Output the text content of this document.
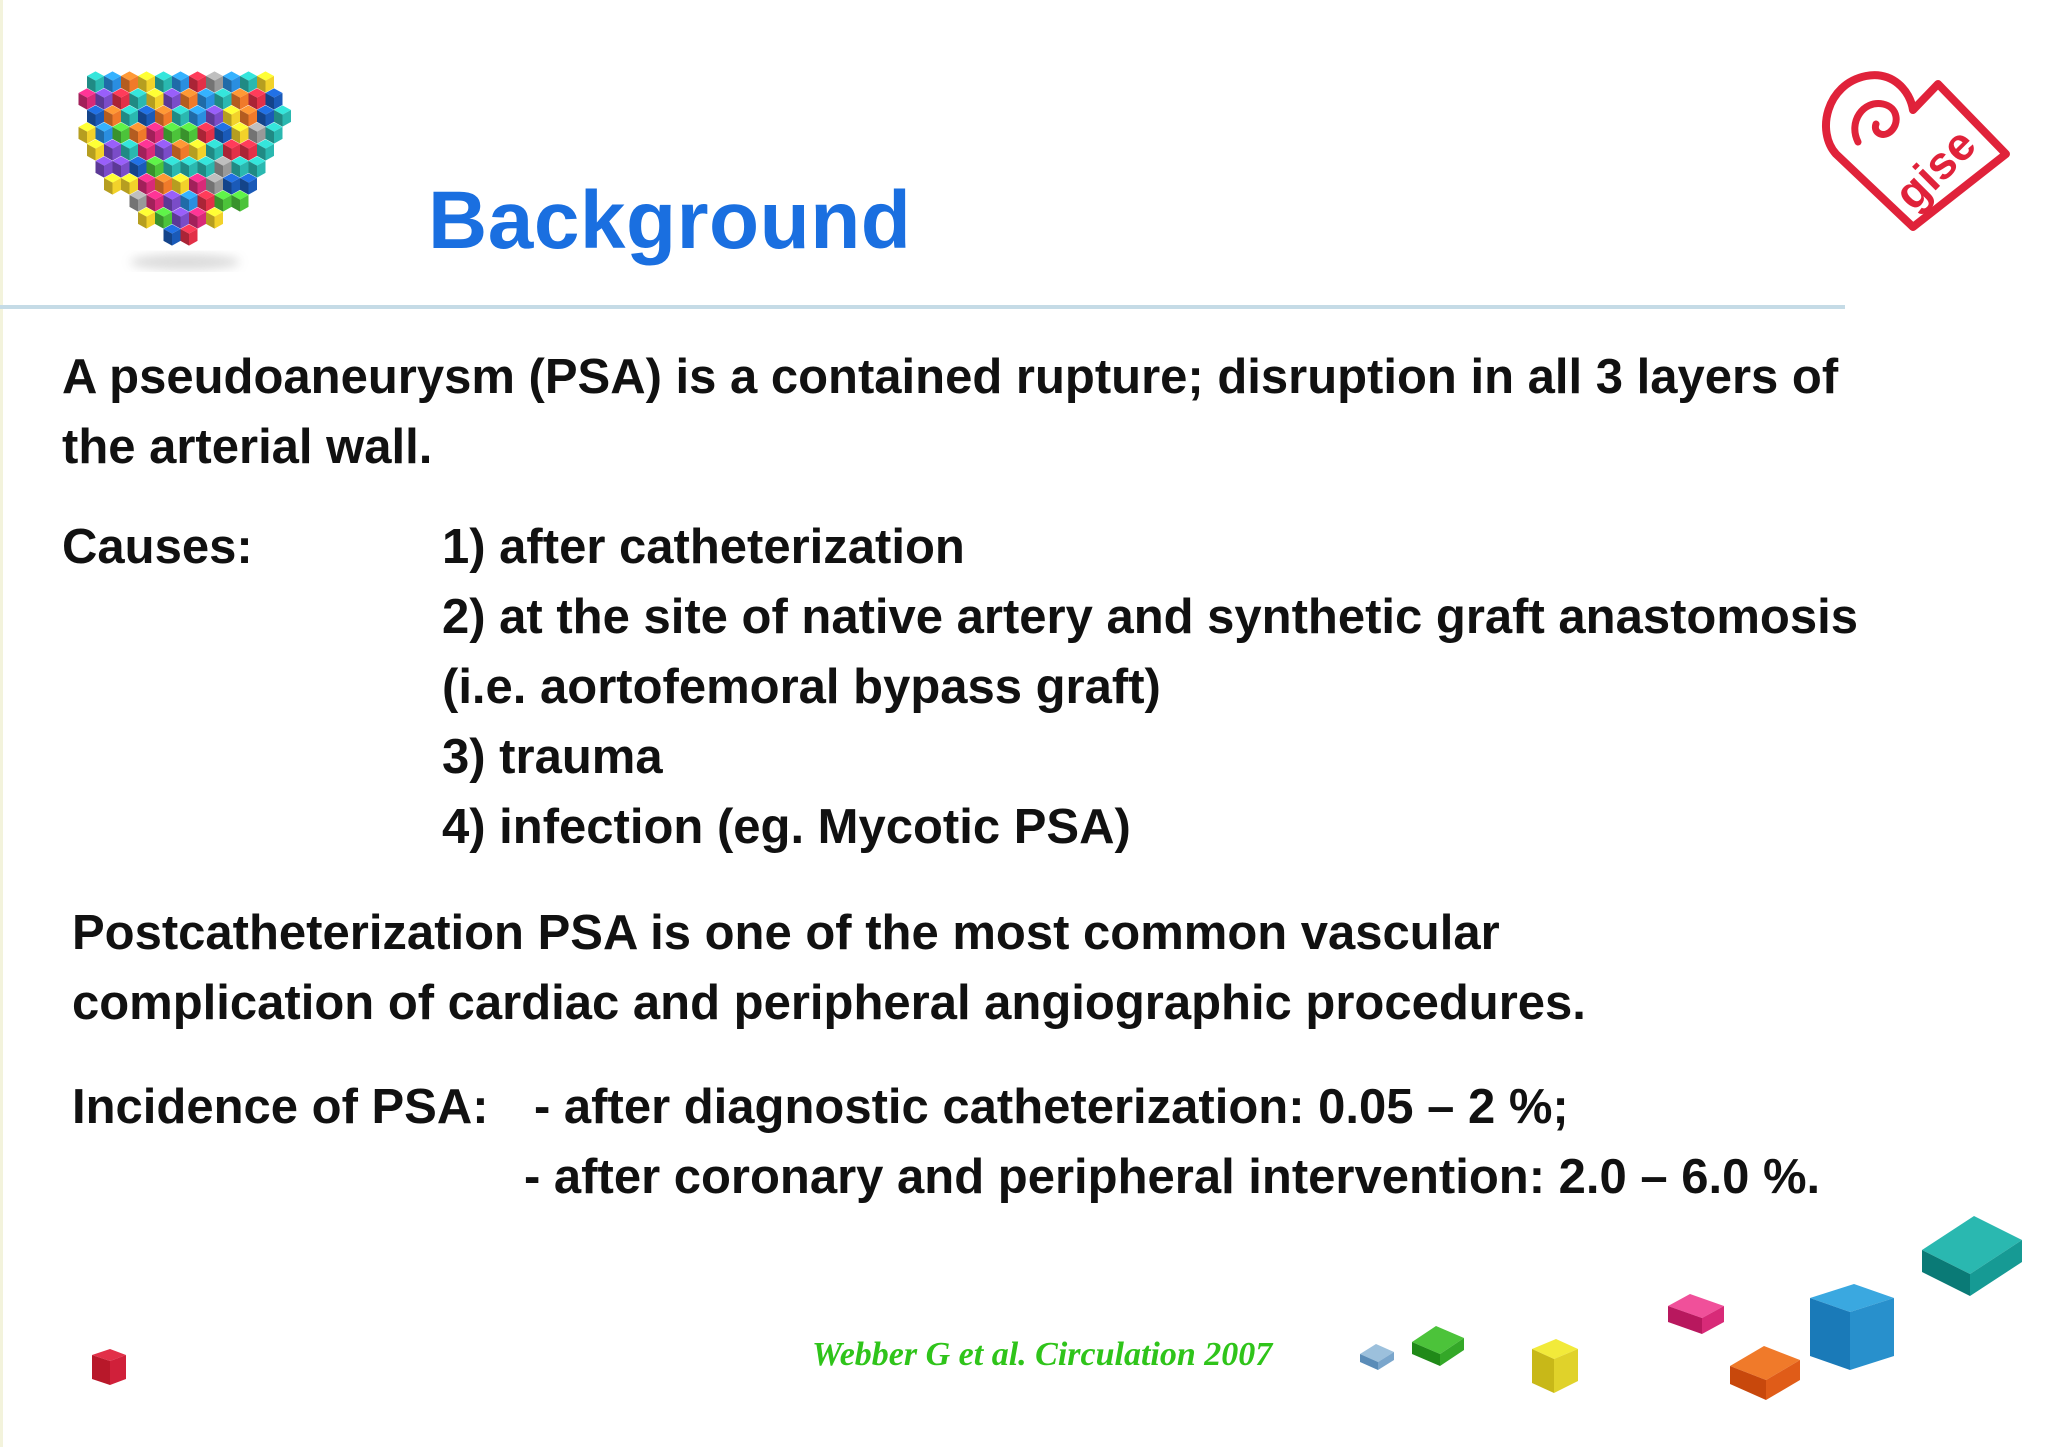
gise
Background

A pseudoaneurysm (PSA) is a contained rupture; disruption in all 3 layers of
the arterial wall.

Causes:	1) after catheterization

2) at the site of native artery and synthetic graft anastomosis

(i.e. aortofemoral bypass graft)

3) trauma

4) infection (eg. Mycotic PSA)

Postcatheterization PSA is one of the most common vascular
complication of cardiac and peripheral angiographic procedures.

Incidence of PSA: - after diagnostic catheterization: 0.05 – 2 %;

- after coronary and peripheral intervention: 2.0 – 6.0 %.

Webber G et al. Circulation 2007
